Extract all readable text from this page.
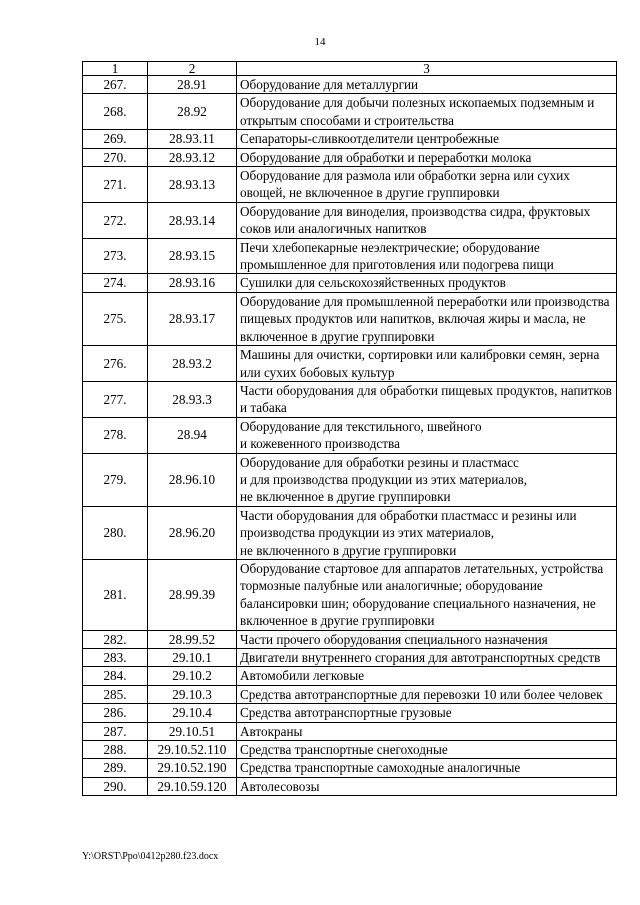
14
1	2	3
267.	28.91	Оборудование для металлургии
268.	28.92	Оборудование для добычи полезных ископаемых подземным и открытым способами и строительства
269.	28.93.11	Сепараторы-сливкоотделители центробежные
270.	28.93.12	Оборудование для обработки и переработки молока
271.	28.93.13	Оборудование для размола или обработки зерна или сухих овощей, не включенное в другие группировки
272.	28.93.14	Оборудование для виноделия, производства сидра, фруктовых соков или аналогичных напитков
273.	28.93.15	Печи хлебопекарные неэлектрические; оборудование промышленное для приготовления или подогрева пищи
274.	28.93.16	Сушилки для сельскохозяйственных продуктов
275.	28.93.17	Оборудование для промышленной переработки или производства пищевых продуктов или напитков, включая жиры и масла, не включенное в другие группировки
276.	28.93.2	Машины для очистки, сортировки или калибровки семян, зерна или сухих бобовых культур
277.	28.93.3	Части оборудования для обработки пищевых продуктов, напитков и табака
278.	28.94	Оборудование для текстильного, швейного
и кожевенного производства
279.	28.96.10	Оборудование для обработки резины и пластмасс
и для производства продукции из этих материалов,
не включенное в другие группировки
280.	28.96.20	Части оборудования для обработки пластмасс и резины или производства продукции из этих материалов,
не включенного в другие группировки
281.	28.99.39	Оборудование стартовое для аппаратов летательных, устройства тормозные палубные или аналогичные; оборудование балансировки шин; оборудование специального назначения, не включенное в другие группировки
282.	28.99.52	Части прочего оборудования специального назначения
283.	29.10.1	Двигатели внутреннего сгорания для автотранспортных средств
284.	29.10.2	Автомобили легковые
285.	29.10.3	Средства автотранспортные для перевозки 10 или более человек
286.	29.10.4	Средства автотранспортные грузовые
287.	29.10.51	Автокраны
288.	29.10.52.110	Средства транспортные снегоходные
289.	29.10.52.190	Средства транспортные самоходные аналогичные
290.	29.10.59.120	Автолесовозы
Y:\ORST\Ppo\0412p280.f23.docx
